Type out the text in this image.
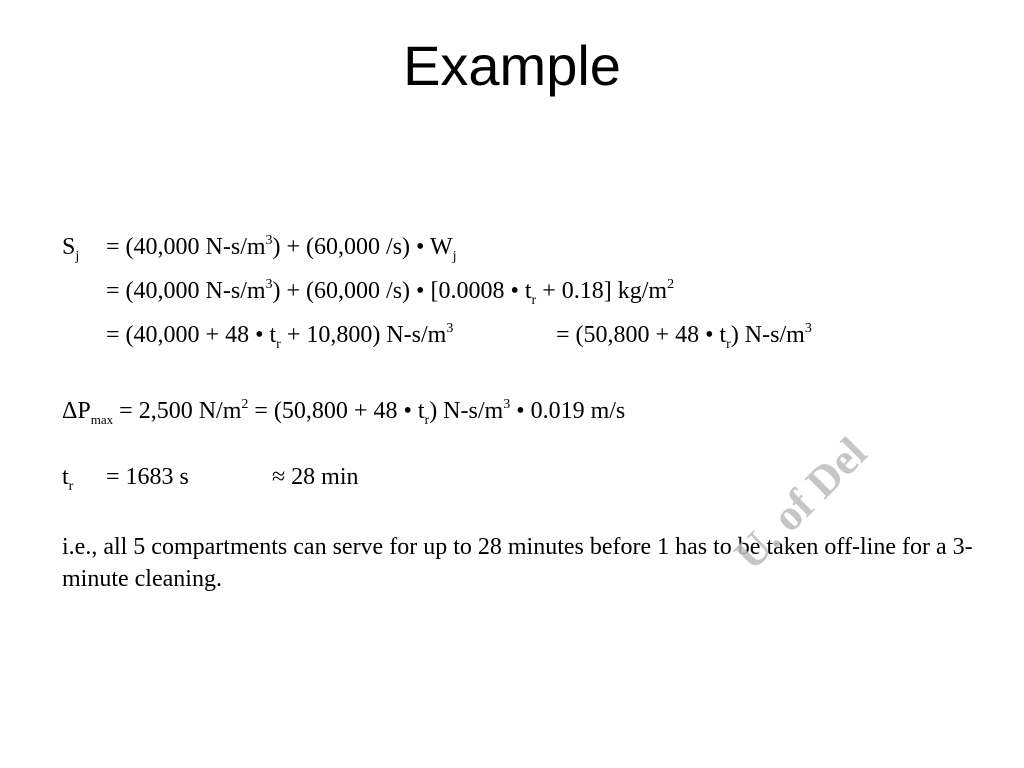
Example
$S_j = (40,000$ $N-s/m^3) + (60,000$ /s) • $W_j$
= (40,000 $N-s/m^3) + (60,000$ /s) • [0.0008 • $t_r + 0.18$] $kg/m^2$
= (40,000 + 48 • $t_r + 10,800$) $N-s/m^3$	= (50,800 + 48 • $t_r$) $N-s/m^3$
$\Delta P_{max} = 2,500$ $N/m^2 = (50,800 + 48$ • $t_r$) $N-s/m^3$ • 0.019 m/s
$t_r = 1683$ s	≈ 28 min
i.e., all 5 compartments can serve for up to 28 minutes before 1 has to be taken off-line for a 3-minute cleaning.	U. of Del
